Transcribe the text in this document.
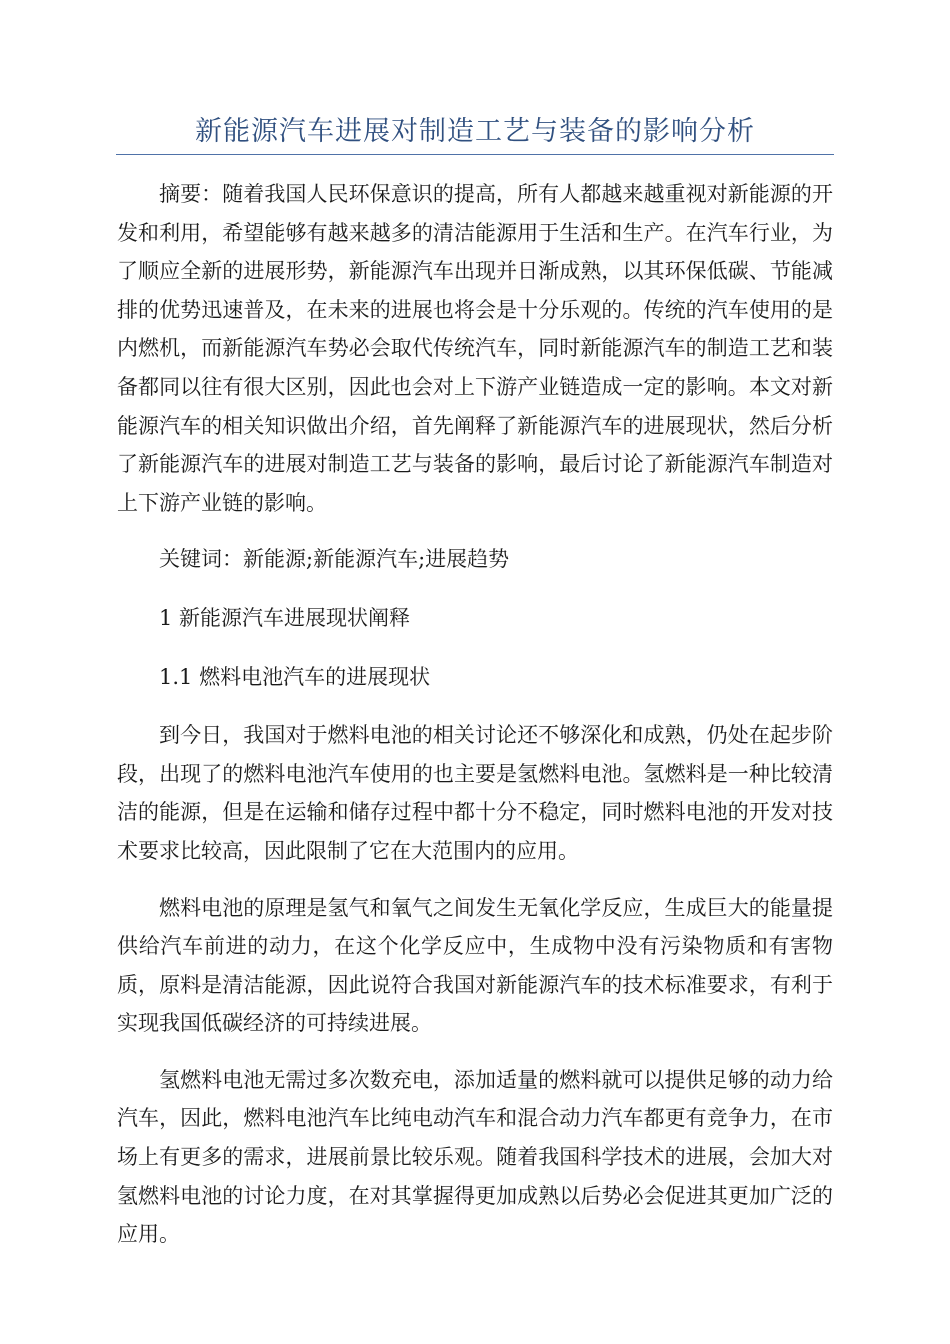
新能源汽车进展对制造工艺与装备的影响分析

摘要：随着我国人民环保意识的提高，所有人都越来越重视对新能源的开发和利用，希望能够有越来越多的清洁能源用于生活和生产。在汽车行业，为了顺应全新的进展形势，新能源汽车出现并日渐成熟，以其环保低碳、节能减排的优势迅速普及，在未来的进展也将会是十分乐观的。传统的汽车使用的是内燃机，而新能源汽车势必会取代传统汽车，同时新能源汽车的制造工艺和装备都同以往有很大区别，因此也会对上下游产业链造成一定的影响。本文对新能源汽车的相关知识做出介绍，首先阐释了新能源汽车的进展现状，然后分析了新能源汽车的进展对制造工艺与装备的影响，最后讨论了新能源汽车制造对上下游产业链的影响。

关键词：新能源;新能源汽车;进展趋势

1 新能源汽车进展现状阐释

1.1 燃料电池汽车的进展现状

到今日，我国对于燃料电池的相关讨论还不够深化和成熟，仍处在起步阶段，出现了的燃料电池汽车使用的也主要是氢燃料电池。氢燃料是一种比较清洁的能源，但是在运输和储存过程中都十分不稳定，同时燃料电池的开发对技术要求比较高，因此限制了它在大范围内的应用。

燃料电池的原理是氢气和氧气之间发生无氧化学反应，生成巨大的能量提供给汽车前进的动力，在这个化学反应中，生成物中没有污染物质和有害物质，原料是清洁能源，因此说符合我国对新能源汽车的技术标准要求，有利于实现我国低碳经济的可持续进展。

氢燃料电池无需过多次数充电，添加适量的燃料就可以提供足够的动力给汽车，因此，燃料电池汽车比纯电动汽车和混合动力汽车都更有竞争力，在市场上有更多的需求，进展前景比较乐观。随着我国科学技术的进展，会加大对氢燃料电池的讨论力度，在对其掌握得更加成熟以后势必会促进其更加广泛的应用。
